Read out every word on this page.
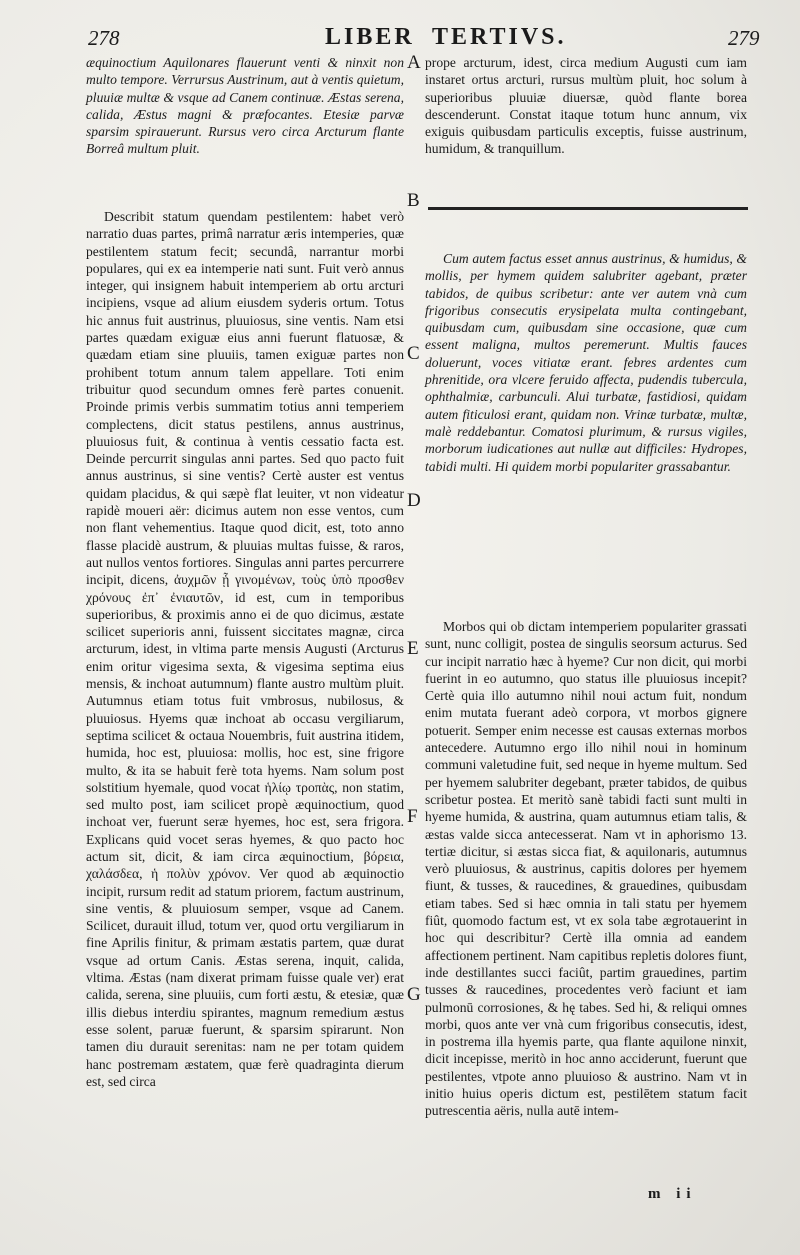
278	LIBER TERTIVS.	279

æquinoctium Aquilonares flauerunt venti & ninxit non multo tempore. Verrursus Austrinum, aut à ventis quietum, pluuiæ multæ & vsque ad Canem continuæ. Æstas serena, calida, Æstus magni & præfocantes. Etesiæ parvæ sparsim spirauerunt. Rursus vero circa Arcturum flante Borreâ multum pluit.

Describit statum quendam pestilentem: habet verò narratio duas partes, primâ narratur æris intemperies, quæ pestilentem statum fecit; secundâ, narrantur morbi populares, qui ex ea intemperie nati sunt. Fuit verò annus integer, qui insignem habuit intemperiem ab ortu arcturi incipiens, vsque ad alium eiusdem syderis ortum. Totus hic annus fuit austrinus, pluuiosus, sine ventis. Nam etsi partes quædam exiguæ eius anni fuerunt flatuosæ, & quædam etiam sine pluuiis, tamen exiguæ partes non prohibent totum annum talem appellare. Toti enim tribuitur quod secundum omnes ferè partes conuenit. Proinde primis verbis summatim totius anni temperiem complectens, dicit status pestilens, annus austrinus, pluuiosus fuit, & continua à ventis cessatio facta est. Deinde percurrit singulas anni partes. Sed quo pacto fuit annus austrinus, si sine ventis? Certè auster est ventus quidam placidus, & qui sæpè flat leuiter, vt non videatur rapidè moueri aër: dicimus autem non esse ventos, cum non flant vehementius. Itaque quod dicit, est, toto anno flasse placidè austrum, & pluuias multas fuisse, & raros, aut nullos ventos fortiores. Singulas anni partes percurrere incipit, dicens, ἀυχμῶν ᾗ γινομένων, τοὺς ὑπὸ προσθεν χρόνους ἐπ᾽ ἐνιαυτῶν, id est, cum in temporibus superioribus, & proximis anno ei de quo dicimus, æstate scilicet superioris anni, fuissent siccitates magnæ, circa arcturum, idest, in vltima parte mensis Augusti (Arcturus enim oritur vigesima sexta, & vigesima septima eius mensis, & inchoat autumnum) flante austro multùm pluit. Autumnus etiam totus fuit vmbrosus, nubilosus, & pluuiosus. Hyems quæ inchoat ab occasu vergiliarum, septima scilicet & octaua Nouembris, fuit austrina itidem, humida, hoc est, pluuiosa: mollis, hoc est, sine frigore multo, & ita se habuit ferè tota hyems. Nam solum post solstitium hyemale, quod vocat ἡλίῳ τροπὰς, non statim, sed multo post, iam scilicet propè æquinoctium, quod inchoat ver, fuerunt seræ hyemes, hoc est, sera frigora. Explicans quid vocet seras hyemes, & quo pacto hoc actum sit, dicit, & iam circa æquinoctium, βόρεια, χαλάσδεα, ἡ πολὺν χρόνον. Ver quod ab æquinoctio incipit, rursum redit ad statum priorem, factum austrinum, sine ventis, & pluuiosum semper, vsque ad Canem. Scilicet, durauit illud, totum ver, quod ortu vergiliarum in fine Aprilis finitur, & primam æstatis partem, quæ durat vsque ad ortum Canis. Æstas serena, inquit, calida, vltima. Æstas (nam dixerat primam fuisse quale ver) erat calida, serena, sine pluuiis, cum forti æstu, & etesiæ, quæ illis diebus interdiu spirantes, magnum remedium æstus esse solent, paruæ fuerunt, & sparsim spirarunt. Non tamen diu durauit serenitas: nam ne per totam quidem hanc postremam æstatem, quæ ferè quadraginta dierum est, sed circa

A
B
C
D
E
F
G

prope arcturum, idest, circa medium Augusti cum iam instaret ortus arcturi, rursus multùm pluit, hoc solum à superioribus pluuiæ diuersæ, quòd flante borea descenderunt. Constat itaque totum hunc annum, vix exiguis quibusdam particulis exceptis, fuisse austrinum, humidum, & tranquillum.

Cum autem factus esset annus austrinus, & humidus, & mollis, per hymem quidem salubriter agebant, præter tabidos, de quibus scribetur: ante ver autem vnà cum frigoribus consecutis erysipelata multa contingebant, quibusdam cum, quibusdam sine occasione, quæ cum essent maligna, multos peremerunt. Multis fauces doluerunt, voces vitiatæ erant. febres ardentes cum phrenitide, ora vlcere feruido affecta, pudendis tubercula, ophthalmiæ, carbunculi. Alui turbatæ, fastidiosi, quidam autem fiticulosi erant, quidam non. Vrinæ turbatæ, multæ, malè reddebantur. Comatosi plurimum, & rursus vigiles, morborum iudicationes aut nullæ aut difficiles: Hydropes, tabidi multi. Hi quidem morbi populariter grassabantur.

Morbos qui ob dictam intemperiem populariter grassati sunt, nunc colligit, postea de singulis seorsum acturus. Sed cur incipit narratio hæc à hyeme? Cur non dicit, qui morbi fuerint in eo autumno, quo status ille pluuiosus incepit? Certè quia illo autumno nihil noui actum fuit, nondum enim mutata fuerant adeò corpora, vt morbos gignere potuerit. Semper enim necesse est causas externas morbos antecedere. Autumno ergo illo nihil noui in hominum communi valetudine fuit, sed neque in hyeme multum. Sed per hyemem salubriter degebant, præter tabidos, de quibus scribetur postea. Et meritò sanè tabidi facti sunt multi in hyeme humida, & austrina, quam autumnus etiam talis, & æstas valde sicca antecesserat. Nam vt in aphorismo 13. tertiæ dicitur, si æstas sicca fiat, & aquilonaris, autumnus verò pluuiosus, & austrinus, capitis dolores per hyemem fiunt, & tusses, & raucedines, & grauedines, quibusdam etiam tabes. Sed si hæc omnia in tali statu per hyemem fiût, quomodo factum est, vt ex sola tabe ægrotauerint in hoc qui describitur? Certè illa omnia ad eandem affectionem pertinent. Nam capitibus repletis dolores fiunt, inde destillantes succi faciût, partim grauedines, partim tusses & raucedines, procedentes verò faciunt et iam pulmonū corrosiones, & hę tabes. Sed hi, & reliqui omnes morbi, quos ante ver vnà cum frigoribus consecutis, idest, in postrema illa hyemis parte, qua flante aquilone ninxit, dicit incepisse, meritò in hoc anno acciderunt, fuerunt que pestilentes, vtpote anno pluuioso & austrino. Nam vt in initio huius operis dictum est, pestilētem statum facit putrescentia aëris, nulla autē intem-

m ii
